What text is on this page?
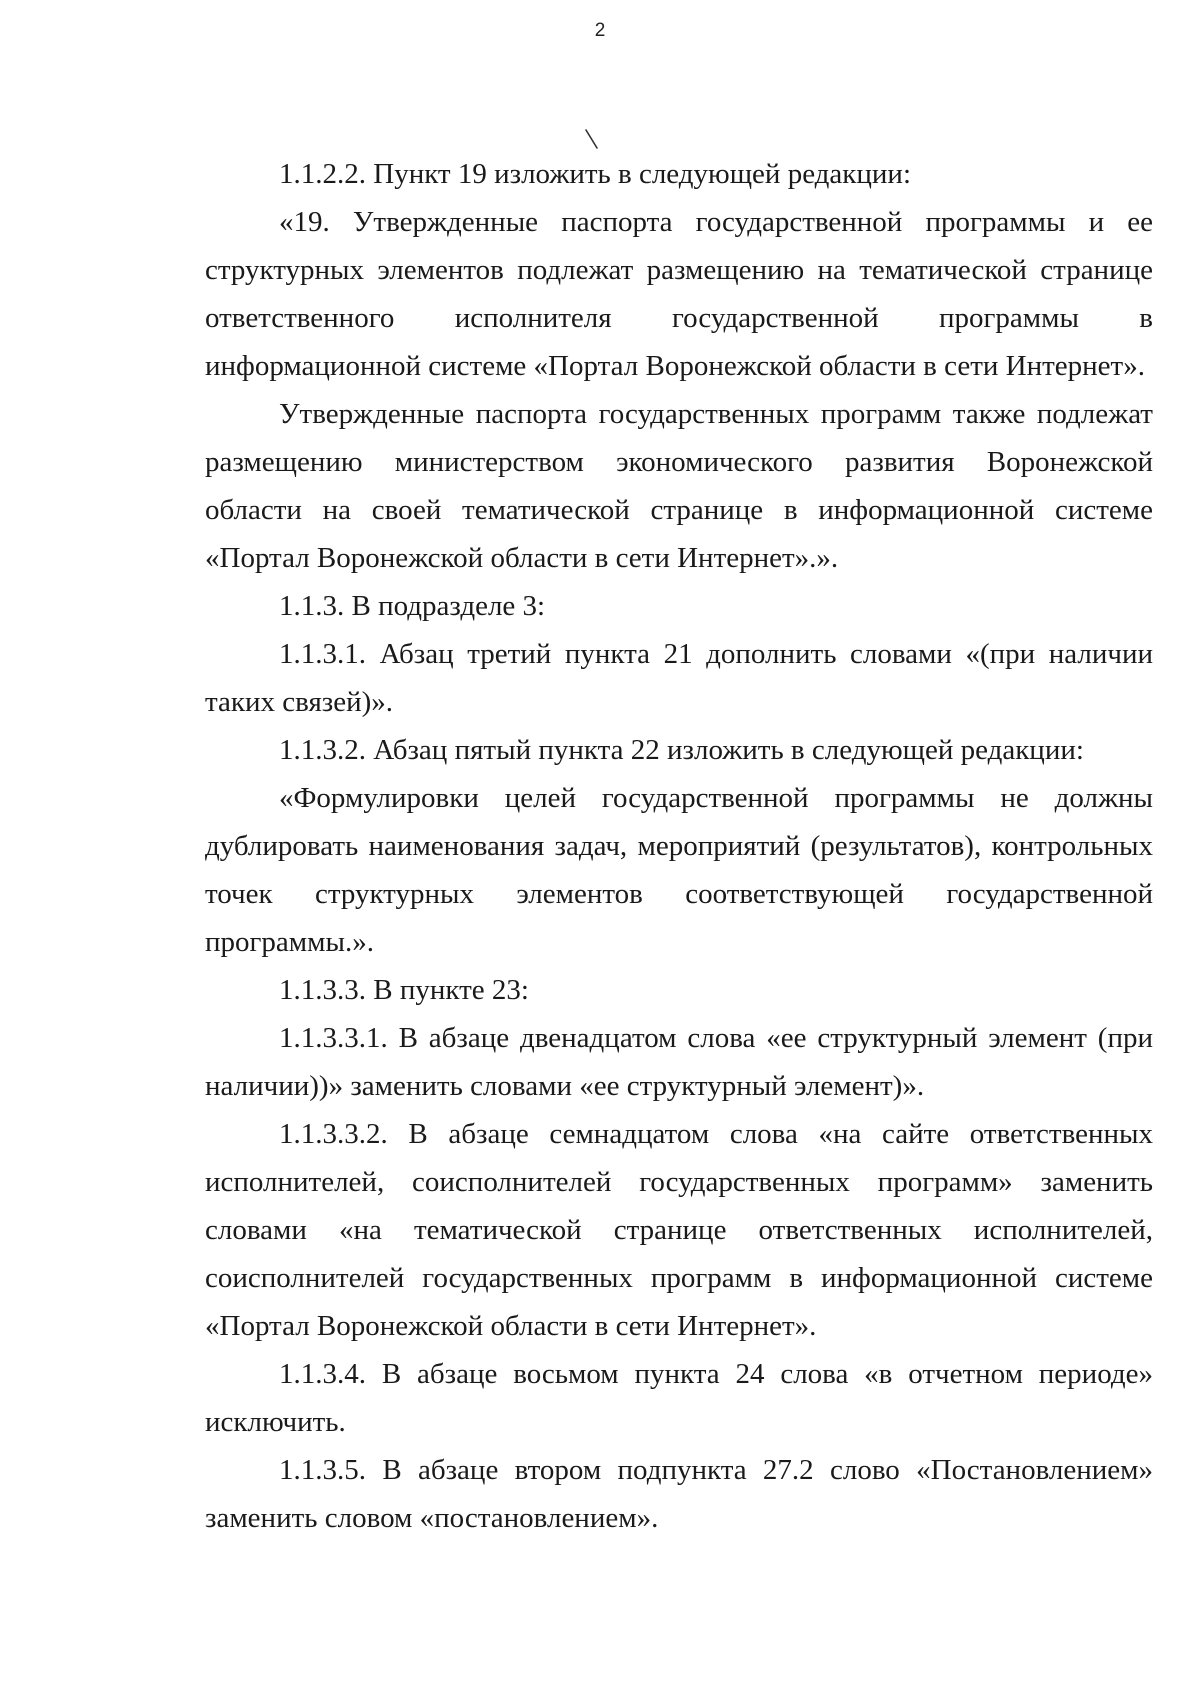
2

1.1.2.2. Пункт 19 изложить в следующей редакции:

«19. Утвержденные паспорта государственной программы и ее структурных элементов подлежат размещению на тематической странице ответственного исполнителя государственной программы в информационной системе «Портал Воронежской области в сети Интернет».

Утвержденные паспорта государственных программ также подлежат размещению министерством экономического развития Воронежской области на своей тематической странице в информационной системе «Портал Воронежской области в сети Интернет».».

1.1.3. В подразделе 3:

1.1.3.1. Абзац третий пункта 21 дополнить словами «(при наличии таких связей)».

1.1.3.2. Абзац пятый пункта 22 изложить в следующей редакции:

«Формулировки целей государственной программы не должны дублировать наименования задач, мероприятий (результатов), контрольных точек структурных элементов соответствующей государственной программы.».

1.1.3.3. В пункте 23:

1.1.3.3.1. В абзаце двенадцатом слова «ее структурный элемент (при наличии))» заменить словами «ее структурный элемент)».

1.1.3.3.2. В абзаце семнадцатом слова «на сайте ответственных исполнителей, соисполнителей государственных программ» заменить словами «на тематической странице ответственных исполнителей, соисполнителей государственных программ в информационной системе «Портал Воронежской области в сети Интернет».

1.1.3.4. В абзаце восьмом пункта 24 слова «в отчетном периоде» исключить.

1.1.3.5. В абзаце втором подпункта 27.2 слово «Постановлением» заменить словом «постановлением».
